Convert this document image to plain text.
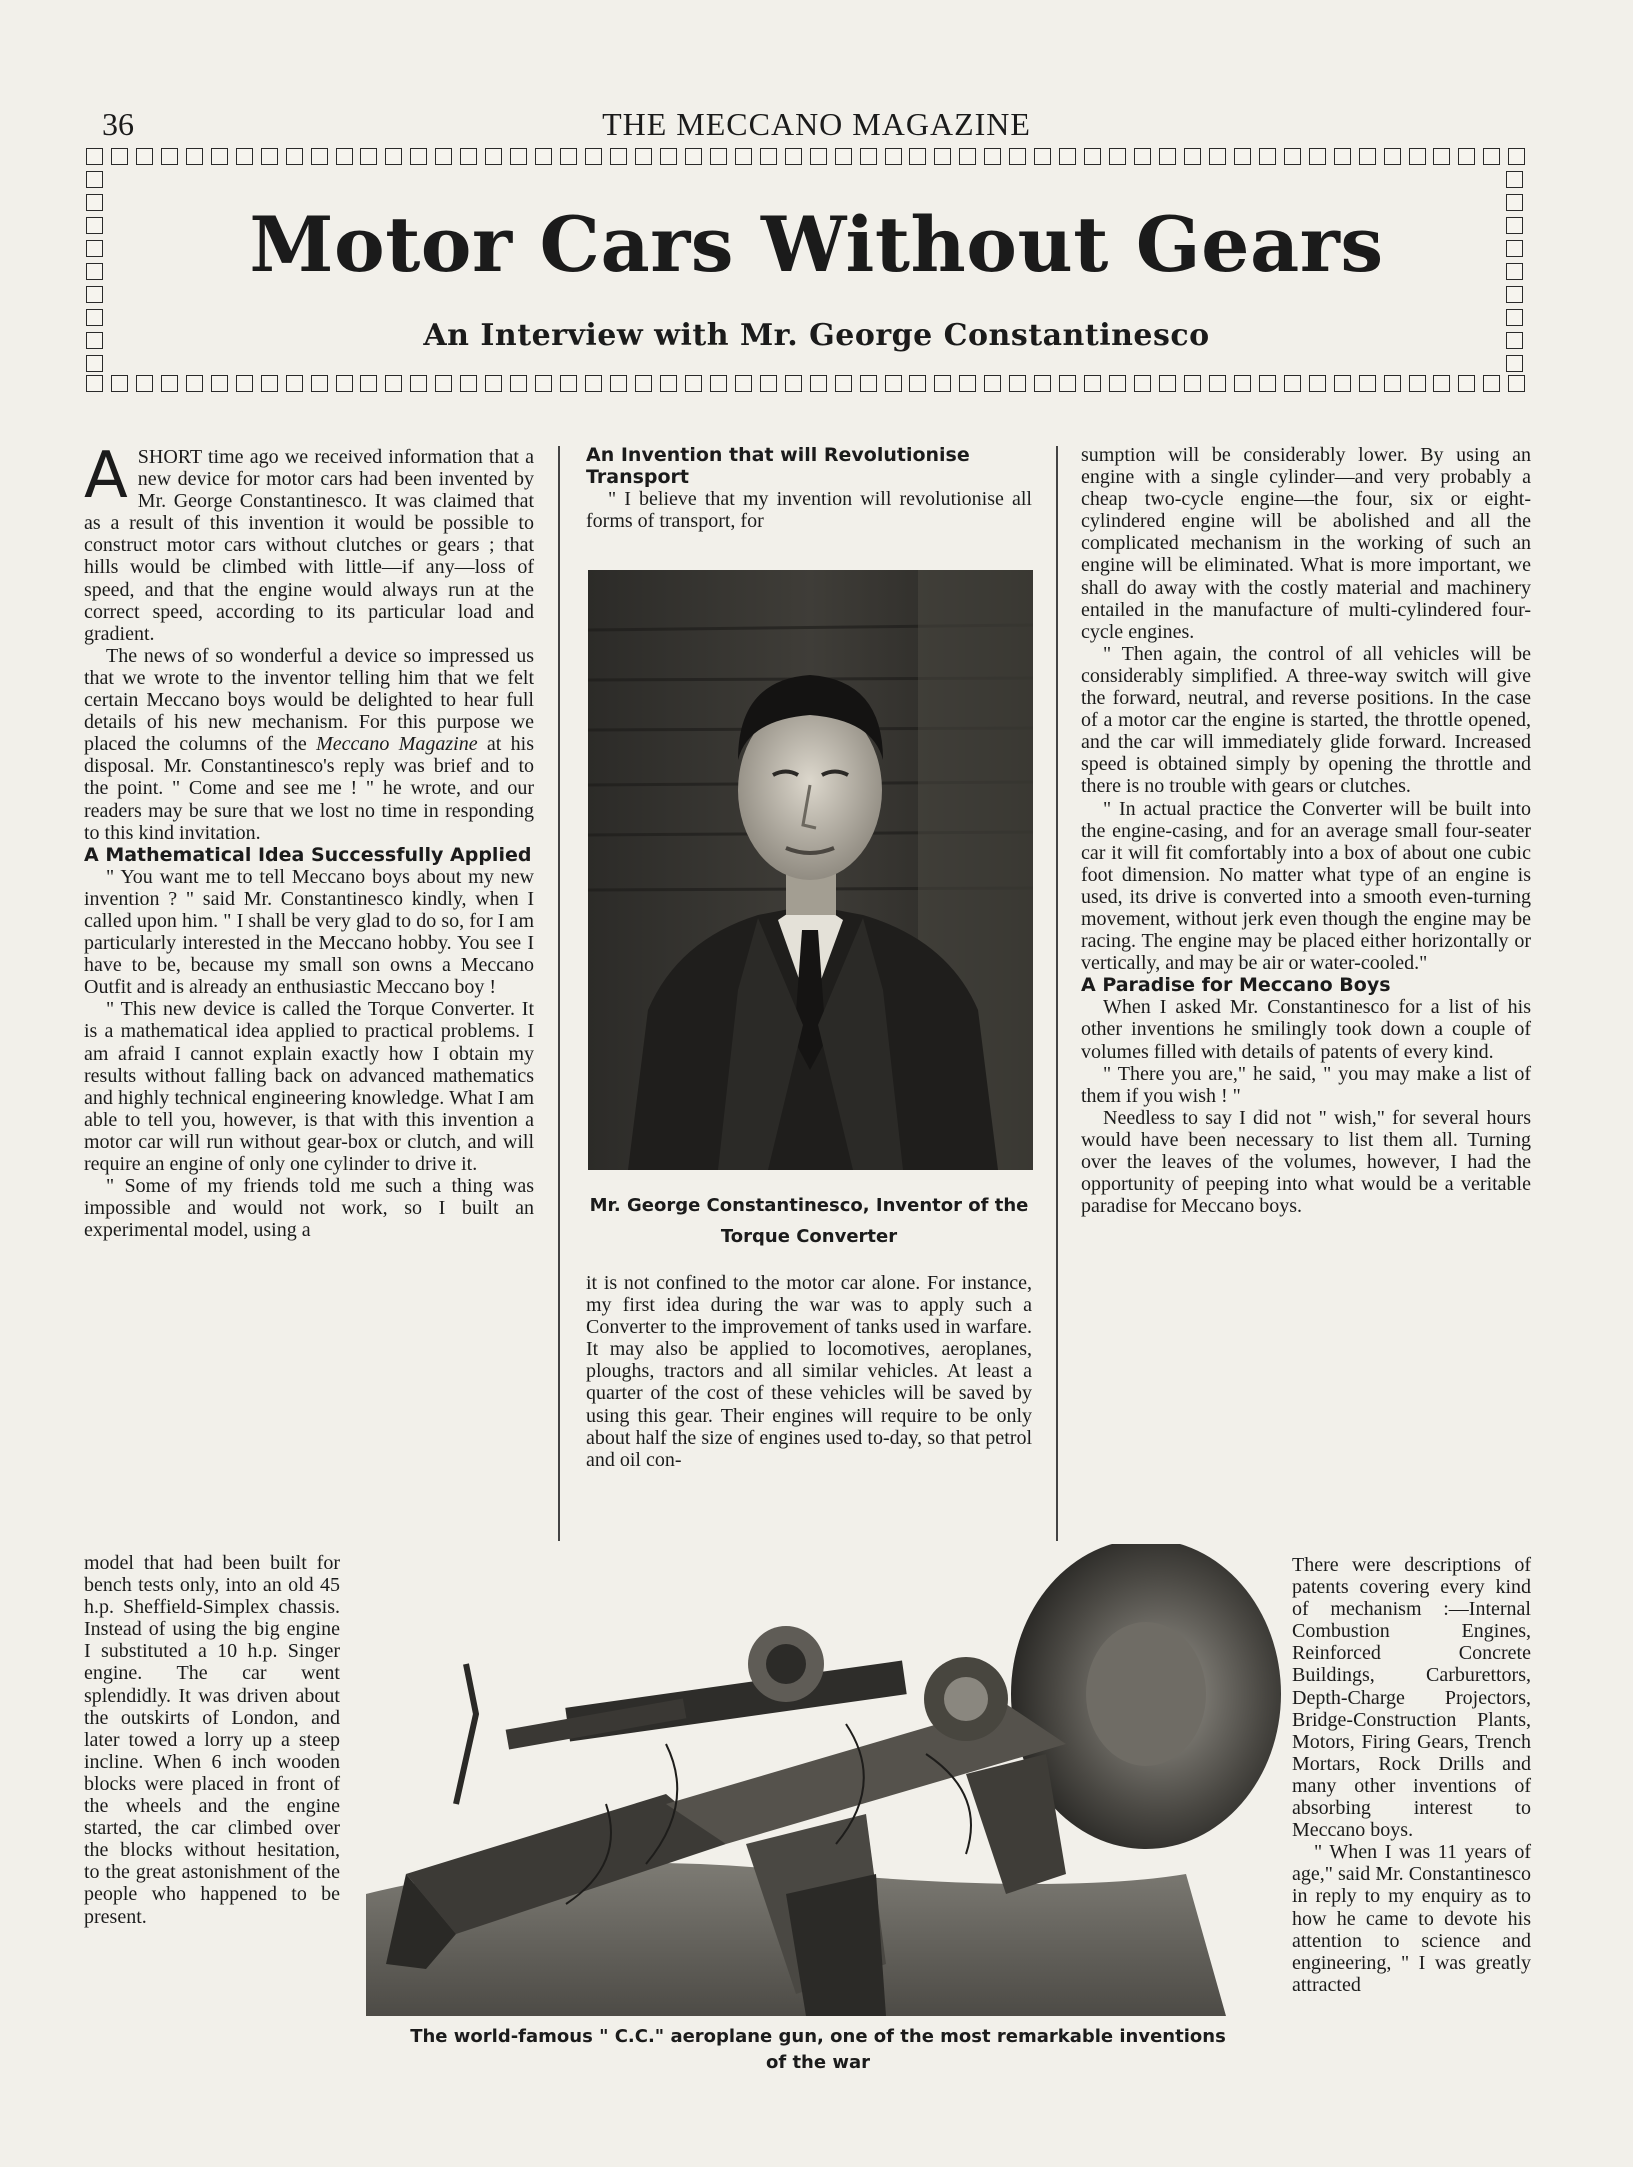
36	THE MECCANO MAGAZINE
Motor Cars Without Gears
An Interview with Mr. George Constantinesco

ASHORT time ago we received information that a new device for motor cars had been invented by Mr. George Constantinesco. It was claimed that as a result of this invention it would be possible to construct motor cars without clutches or gears ; that hills would be climbed with little—if any—loss of speed, and that the engine would always run at the correct speed, according to its particular load and gradient.

The news of so wonderful a device so impressed us that we wrote to the inventor telling him that we felt certain Meccano boys would be delighted to hear full details of his new mechanism. For this purpose we placed the columns of the Meccano Magazine at his disposal. Mr. Constantinesco's reply was brief and to the point. " Come and see me ! " he wrote, and our readers may be sure that we lost no time in responding to this kind invitation.

A Mathematical Idea Successfully Applied

" You want me to tell Meccano boys about my new invention ? " said Mr. Constantinesco kindly, when I called upon him. " I shall be very glad to do so, for I am particularly interested in the Meccano hobby. You see I have to be, because my small son owns a Meccano Outfit and is already an enthusiastic Meccano boy !

" This new device is called the Torque Converter. It is a mathematical idea applied to practical problems. I am afraid I cannot explain exactly how I obtain my results without falling back on advanced mathematics and highly technical engineering knowledge. What I am able to tell you, however, is that with this invention a motor car will run without gear-box or clutch, and will require an engine of only one cylinder to drive it.

" Some of my friends told me such a thing was impossible and would not work, so I built an experimental model, using a

model that had been built for bench tests only, into an old 45 h.p. Sheffield-Simplex chassis. Instead of using the big engine I substituted a 10 h.p. Singer engine. The car went splendidly. It was driven about the outskirts of London, and later towed a lorry up a steep incline. When 6 inch wooden blocks were placed in front of the wheels and the engine started, the car climbed over the blocks without hesitation, to the great astonishment of the people who happened to be present.

An Invention that will Revolutionise Transport

" I believe that my invention will revolutionise all forms of transport, for

Mr. George Constantinesco, Inventor of the Torque Converter

it is not confined to the motor car alone. For instance, my first idea during the war was to apply such a Converter to the improvement of tanks used in warfare. It may also be applied to locomotives, aeroplanes, ploughs, tractors and all similar vehicles. At least a quarter of the cost of these vehicles will be saved by using this gear. Their engines will require to be only about half the size of engines used to-day, so that petrol and oil con-

sumption will be considerably lower. By using an engine with a single cylinder—and very probably a cheap two-cycle engine—the four, six or eight-cylindered engine will be abolished and all the complicated mechanism in the working of such an engine will be eliminated. What is more important, we shall do away with the costly material and machinery entailed in the manufacture of multi-cylindered four-cycle engines.

" Then again, the control of all vehicles will be considerably simplified. A three-way switch will give the forward, neutral, and reverse positions. In the case of a motor car the engine is started, the throttle opened, and the car will immediately glide forward. Increased speed is obtained simply by opening the throttle and there is no trouble with gears or clutches.

" In actual practice the Converter will be built into the engine-casing, and for an average small four-seater car it will fit comfortably into a box of about one cubic foot dimension. No matter what type of an engine is used, its drive is converted into a smooth even-turning movement, without jerk even though the engine may be racing. The engine may be placed either horizontally or vertically, and may be air or water-cooled."

A Paradise for Meccano Boys

When I asked Mr. Constantinesco for a list of his other inventions he smilingly took down a couple of volumes filled with details of patents of every kind.

" There you are," he said, " you may make a list of them if you wish ! "

Needless to say I did not " wish," for several hours would have been necessary to list them all. Turning over the leaves of the volumes, however, I had the opportunity of peeping into what would be a veritable paradise for Meccano boys.

There were descriptions of patents covering every kind of mechanism :—Internal Combustion Engines, Reinforced Concrete Buildings, Carburettors, Depth-Charge Projectors, Bridge-Construction Plants, Motors, Firing Gears, Trench Mortars, Rock Drills and many other inventions of absorbing interest to Meccano boys.

" When I was 11 years of age," said Mr. Constantinesco in reply to my enquiry as to how he came to devote his attention to science and engineering, " I was greatly attracted

The world-famous " C.C." aeroplane gun, one of the most remarkable inventions of the war
